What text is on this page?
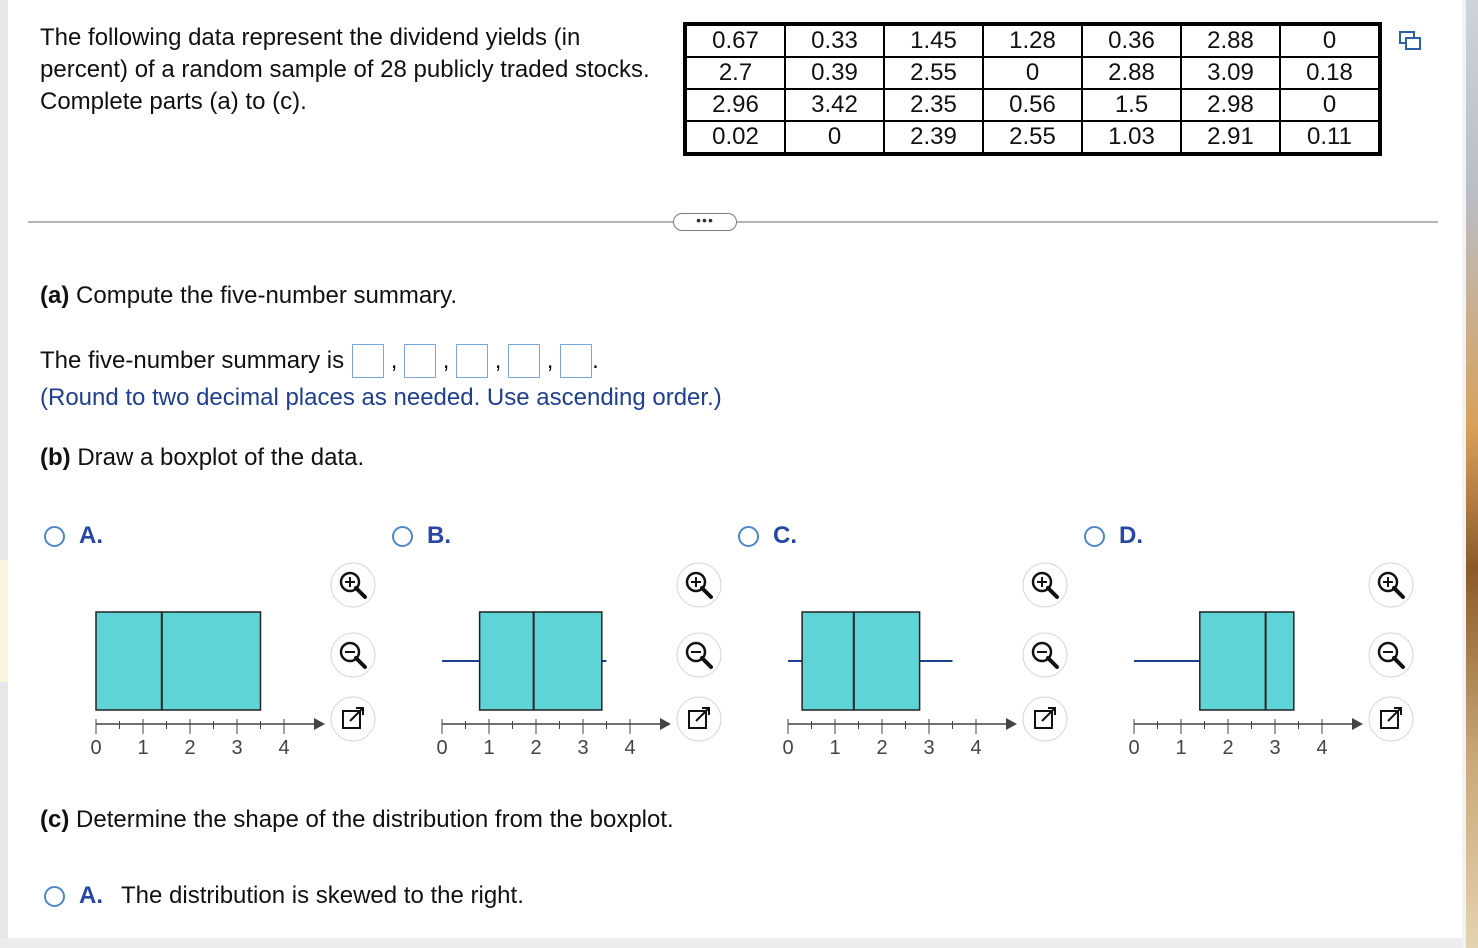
The following data represent the dividend yields (in percent) of a random sample of 28 publicly traded stocks. Complete parts (a) to (c).
0.67	0.33	1.45	1.28	0.36	2.88	0
2.7	0.39	2.55	0	2.88	3.09	0.18
2.96	3.42	2.35	0.56	1.5	2.98	0
0.02	0	2.39	2.55	1.03	2.91	0.11
•••
(a) Compute the five-number summary.
The five-number summary is , , , , .
(Round to two decimal places as needed. Use ascending order.)
(b) Draw a boxplot of the data.
A.	B.	C.	D.
0 1 2 3 4	0 1 2 3 4	0 1 2 3 4	0 1 2 3 4
(c) Determine the shape of the distribution from the boxplot.
A. The distribution is skewed to the right.
